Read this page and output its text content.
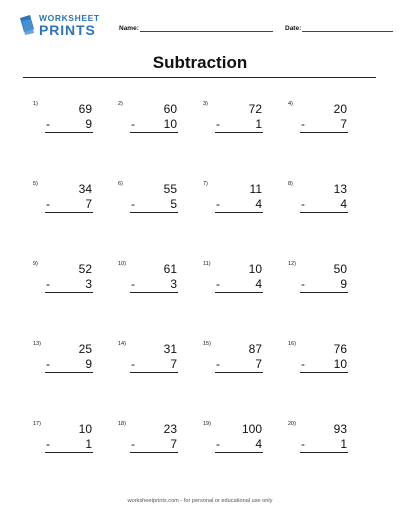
WORKSHEET
PRINTS	Name:	Date:
Subtraction
1)	69
-	9
2)	60
- 10
3)	72
-	1
4)	20
-	7
5)	34
-	7
6)	55
-	5
7)	11
-	4
8)	13
-	4
9)	52
-	3
10)	61
-	3
11)	10
-	4
12)	50
-	9
13)	25
-	9
14)	31
-	7
15)	87
-	7
16)	76
- 10
17)	10
-	1
18)	23
-	7
19)	100
-	4
20)	93
-	1
worksheetprints.com - for personal or educational use only
